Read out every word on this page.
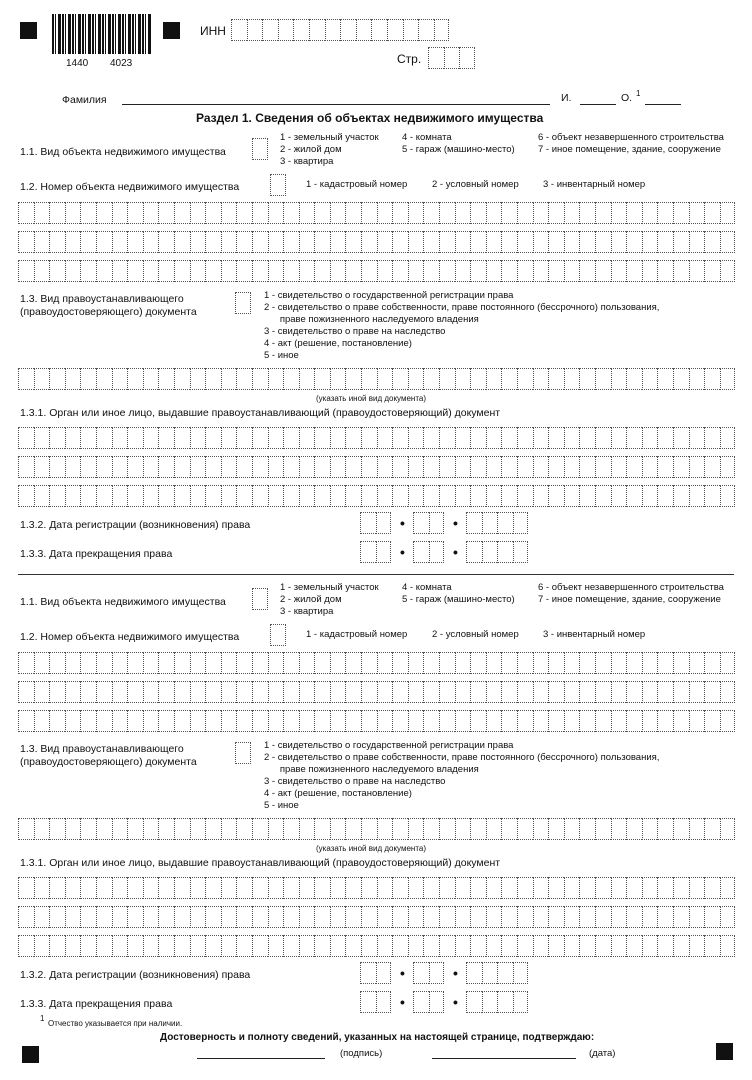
1440 4023
ИНН
Стр.
Фамилия	И.	О. 1
Раздел 1. Сведения об объектах недвижимого имущества
1.1. Вид объекта недвижимого имущества
1 - земельный участок
2 - жилой дом
3 - квартира
4 - комната
5 - гараж (машино-место)
6 - объект незавершенного строительства
7 - иное помещение, здание, сооружение
1.2. Номер объекта недвижимого имущества	1 - кадастровый номер	2 - условный номер	3 - инвентарный номер
1.3. Вид правоустанавливающего
(правоудостоверяющего) документа
1 - свидетельство о государственной регистрации права
2 - свидетельство о праве собственности, праве постоянного (бессрочного) пользования,
праве пожизненного наследуемого владения
3 - свидетельство о праве на наследство
4 - акт (решение, постановление)
5 - иное
(указать иной вид документа)
1.3.1. Орган или иное лицо, выдавшие правоустанавливающий (правоудостоверяющий) документ
1.3.2. Дата регистрации (возникновения) права	•	•
1.3.3. Дата прекращения права	•	•
1.1. Вид объекта недвижимого имущества
1 - земельный участок
2 - жилой дом
3 - квартира
4 - комната
5 - гараж (машино-место)
6 - объект незавершенного строительства
7 - иное помещение, здание, сооружение
1.2. Номер объекта недвижимого имущества	1 - кадастровый номер	2 - условный номер	3 - инвентарный номер
1.3. Вид правоустанавливающего
(правоудостоверяющего) документа
1 - свидетельство о государственной регистрации права
2 - свидетельство о праве собственности, праве постоянного (бессрочного) пользования,
праве пожизненного наследуемого владения
3 - свидетельство о праве на наследство
4 - акт (решение, постановление)
5 - иное
(указать иной вид документа)
1.3.1. Орган или иное лицо, выдавшие правоустанавливающий (правоудостоверяющий) документ
1.3.2. Дата регистрации (возникновения) права	•	•
1.3.3. Дата прекращения права	•	•
1
Отчество указывается при наличии.
Достоверность и полноту сведений, указанных на настоящей странице, подтверждаю:
(подпись)	(дата)
